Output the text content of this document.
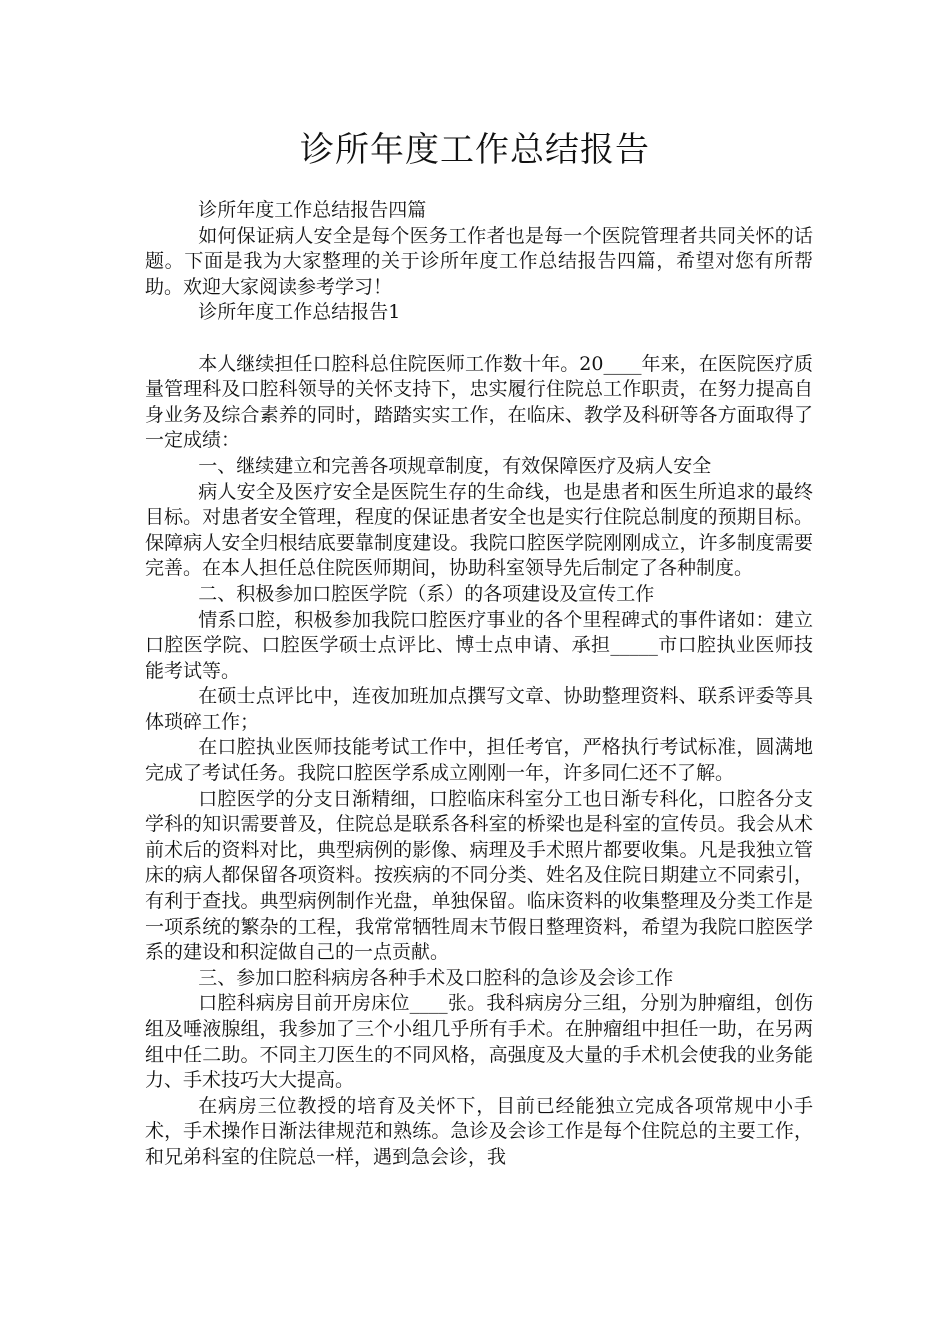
诊所年度工作总结报告

诊所年度工作总结报告四篇

如何保证病人安全是每个医务工作者也是每一个医院管理者共同关怀的话题。下面是我为大家整理的关于诊所年度工作总结报告四篇，希望对您有所帮助。欢迎大家阅读参考学习！

诊所年度工作总结报告1

本人继续担任口腔科总住院医师工作数十年。20____年来，在医院医疗质量管理科及口腔科领导的关怀支持下，忠实履行住院总工作职责，在努力提高自身业务及综合素养的同时，踏踏实实工作，在临床、教学及科研等各方面取得了一定成绩：

一、继续建立和完善各项规章制度，有效保障医疗及病人安全

病人安全及医疗安全是医院生存的生命线，也是患者和医生所追求的最终目标。对患者安全管理，程度的保证患者安全也是实行住院总制度的预期目标。保障病人安全归根结底要靠制度建设。我院口腔医学院刚刚成立，许多制度需要完善。在本人担任总住院医师期间，协助科室领导先后制定了各种制度。

二、积极参加口腔医学院（系）的各项建设及宣传工作

情系口腔，积极参加我院口腔医疗事业的各个里程碑式的事件诸如：建立口腔医学院、口腔医学硕士点评比、博士点申请、承担_____市口腔执业医师技能考试等。

在硕士点评比中，连夜加班加点撰写文章、协助整理资料、联系评委等具体琐碎工作；

在口腔执业医师技能考试工作中，担任考官，严格执行考试标准，圆满地完成了考试任务。我院口腔医学系成立刚刚一年，许多同仁还不了解。

口腔医学的分支日渐精细，口腔临床科室分工也日渐专科化，口腔各分支学科的知识需要普及，住院总是联系各科室的桥梁也是科室的宣传员。我会从术前术后的资料对比，典型病例的影像、病理及手术照片都要收集。凡是我独立管床的病人都保留各项资料。按疾病的不同分类、姓名及住院日期建立不同索引，有利于查找。典型病例制作光盘，单独保留。临床资料的收集整理及分类工作是一项系统的繁杂的工程，我常常牺牲周末节假日整理资料，希望为我院口腔医学系的建设和积淀做自己的一点贡献。

三、参加口腔科病房各种手术及口腔科的急诊及会诊工作

口腔科病房目前开房床位____张。我科病房分三组，分别为肿瘤组，创伤组及唾液腺组，我参加了三个小组几乎所有手术。在肿瘤组中担任一助，在另两组中任二助。不同主刀医生的不同风格，高强度及大量的手术机会使我的业务能力、手术技巧大大提高。

在病房三位教授的培育及关怀下，目前已经能独立完成各项常规中小手术，手术操作日渐法律规范和熟练。急诊及会诊工作是每个住院总的主要工作，和兄弟科室的住院总一样，遇到急会诊，我
